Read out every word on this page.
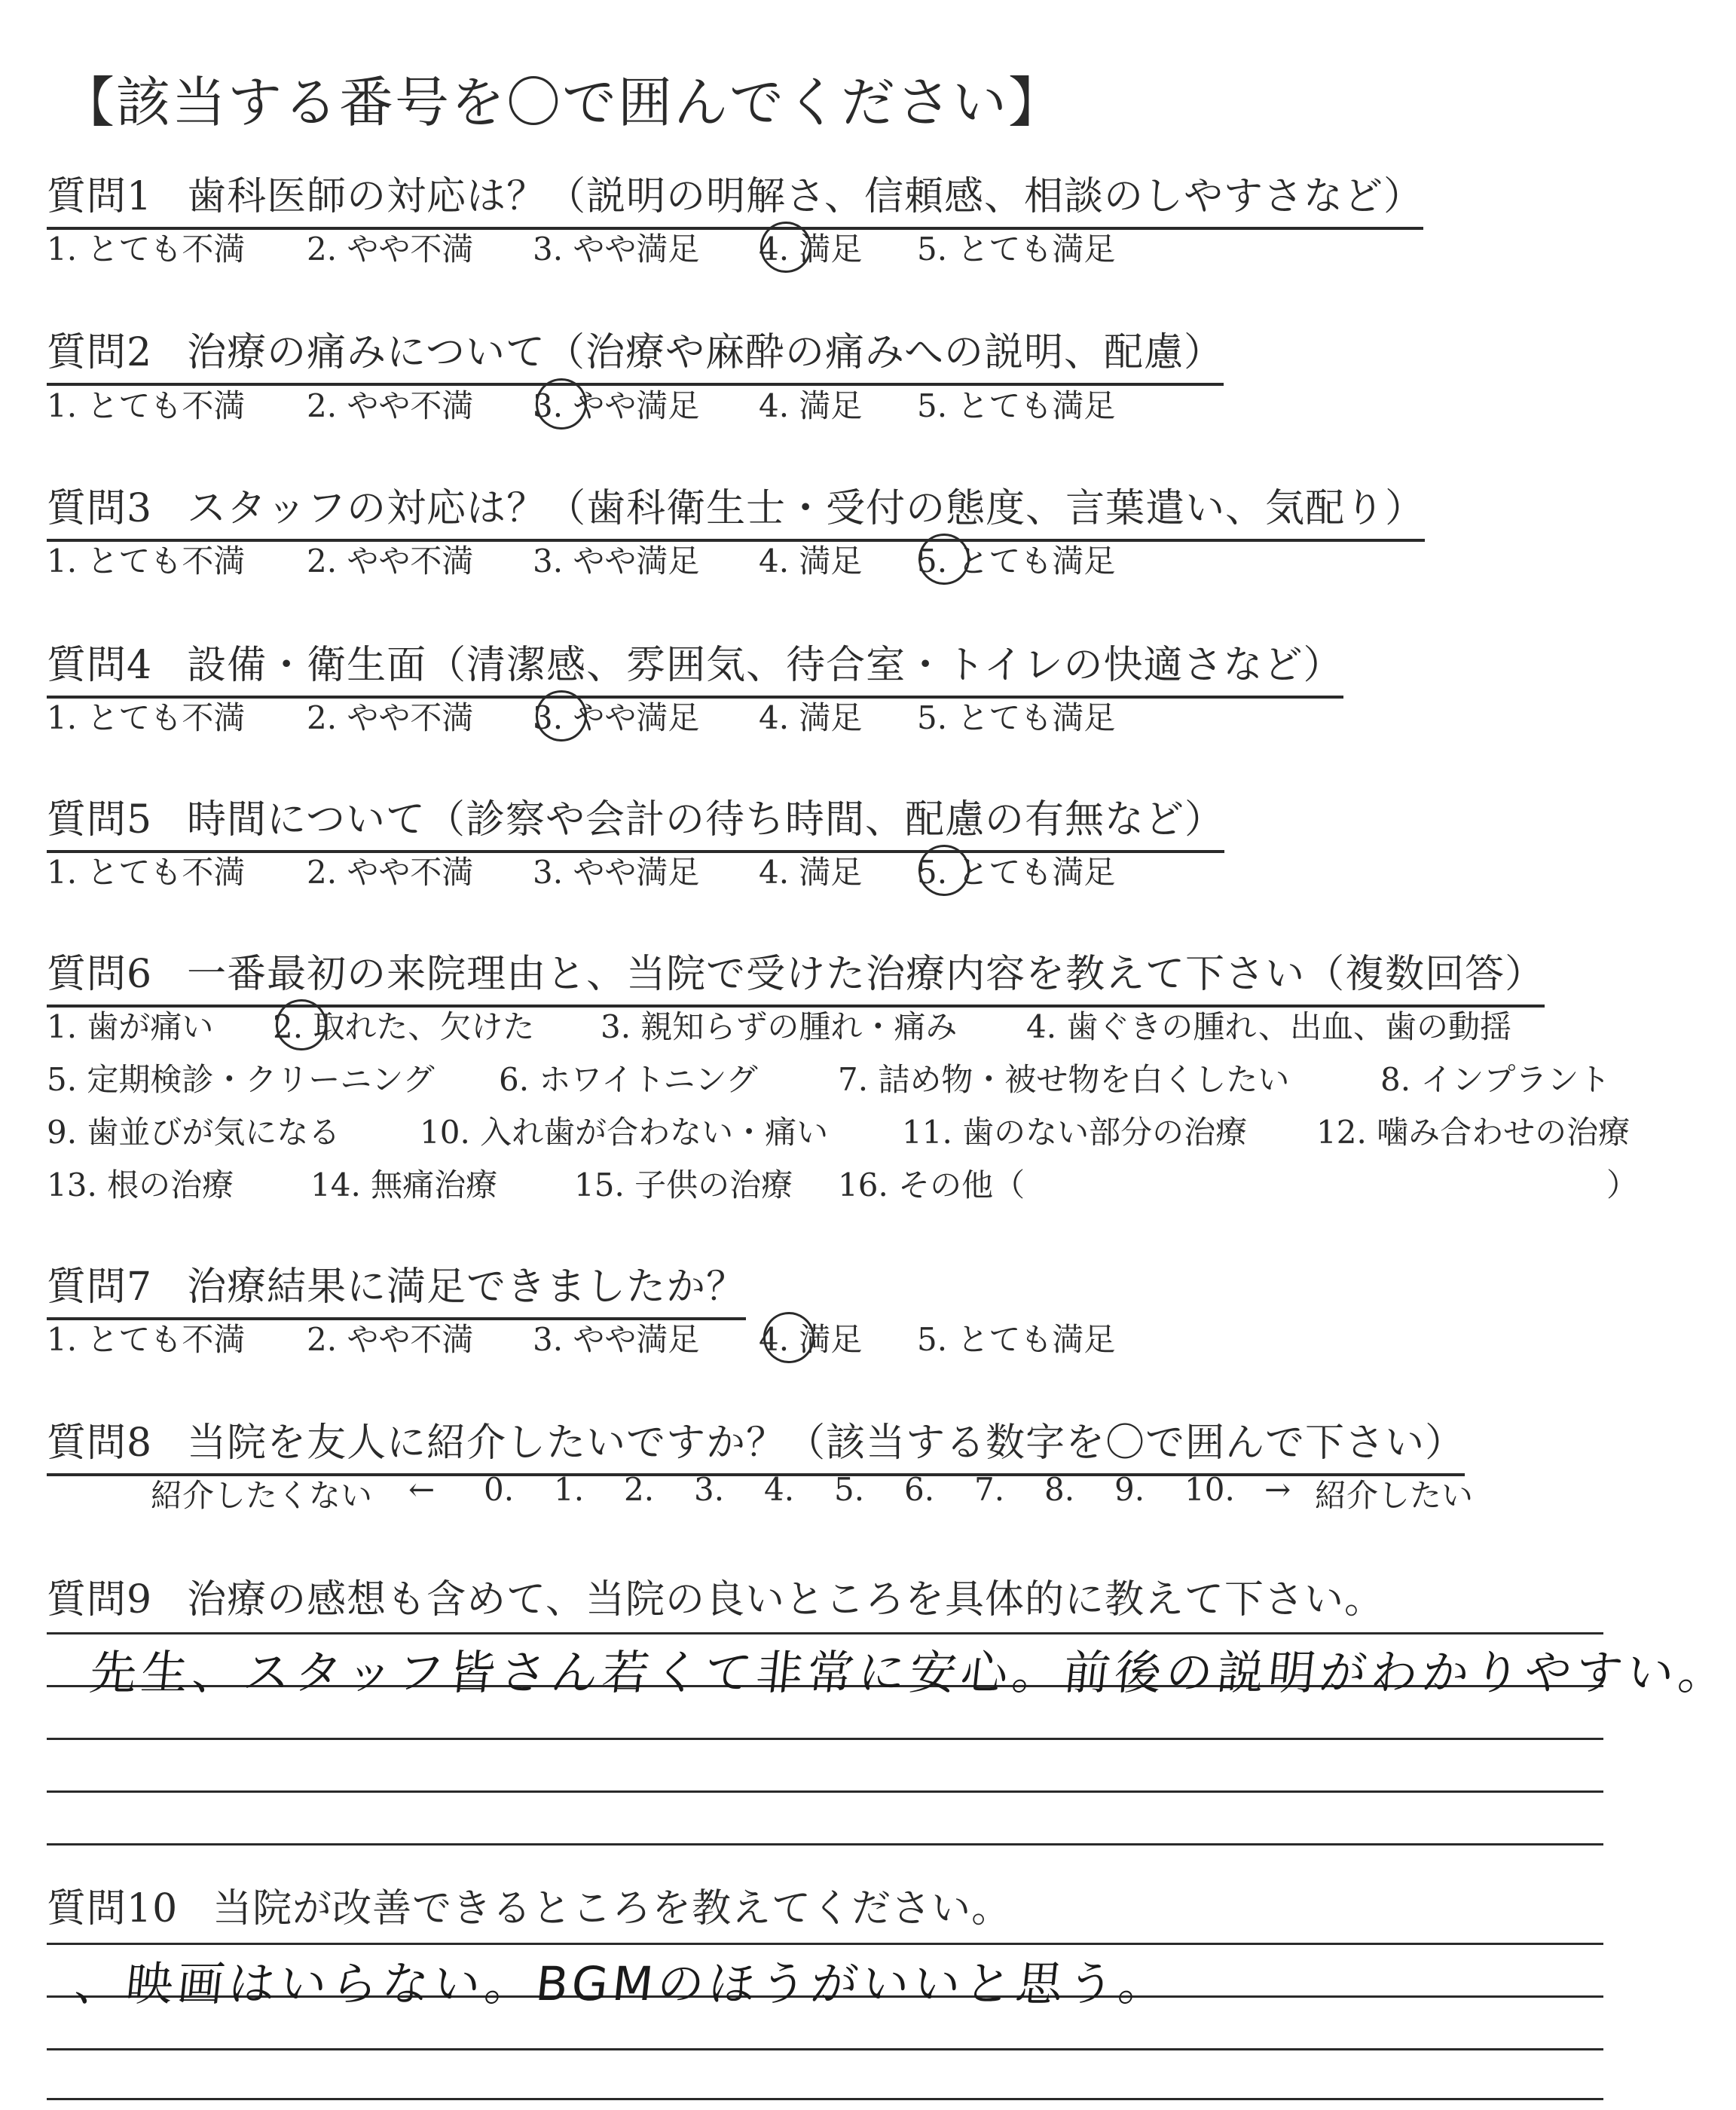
【該当する番号を〇で囲んでください】
質問1 歯科医師の対応は？（説明の明解さ、信頼感、相談のしやすさなど）
1. とても不満 2. やや不満 3. やや満足 4. 満足 5. とても満足
質問2 治療の痛みについて（治療や麻酔の痛みへの説明、配慮）
1. とても不満 2. やや不満 3. やや満足 4. 満足 5. とても満足
質問3 スタッフの対応は？（歯科衛生士・受付の態度、言葉遣い、気配り）
1. とても不満 2. やや不満 3. やや満足 4. 満足 5. とても満足
質問4 設備・衛生面（清潔感、雰囲気、待合室・トイレの快適さなど）
1. とても不満 2. やや不満 3. やや満足 4. 満足 5. とても満足
質問5 時間について（診察や会計の待ち時間、配慮の有無など）
1. とても不満 2. やや不満 3. やや満足 4. 満足 5. とても満足
質問6 一番最初の来院理由と、当院で受けた治療内容を教えて下さい（複数回答）
1. 歯が痛い 2. 取れた、欠けた 3. 親知らずの腫れ・痛み 4. 歯ぐきの腫れ、出血、歯の動揺
5. 定期検診・クリーニング 6. ホワイトニング	7. 詰め物・被せ物を白くしたい	8. インプラント
9. 歯並びが気になる	10. 入れ歯が合わない・痛い 11. 歯のない部分の治療 12. 噛み合わせの治療
13. 根の治療 14. 無痛治療 15. 子供の治療 16. その他（	）
質問7 治療結果に満足できましたか？
1. とても不満 2. やや不満 3. やや満足 4. 満足 5. とても満足
質問8 当院を友人に紹介したいですか？（該当する数字を〇で囲んで下さい）
紹介したくない ← 0. 1. 2. 3. 4. 5. 6. 7. 8. 9. 10. → 紹介したい
質問9 治療の感想も含めて、当院の良いところを具体的に教えて下さい。
先生、スタッフ皆さん若くて非常に安心。前後の説明がわかりやすい。
質問10 当院が改善できるところを教えてください。
、映画はいらない。BGMのほうがいいと思う。
